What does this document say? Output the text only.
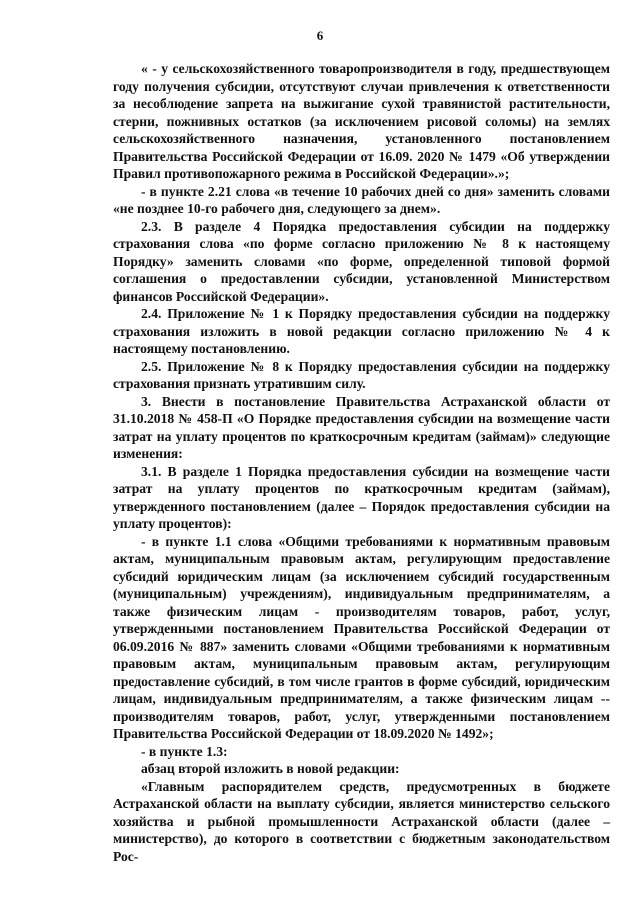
6

« - у сельскохозяйственного товаропроизводителя в году, предшествующем году получения субсидии, отсутствуют случаи привлечения к ответственности за несоблюдение запрета на выжигание сухой травянистой растительности, стерни, пожнивных остатков (за исключением рисовой соломы) на землях сельскохозяйственного назначения, установленного постановлением Правительства Российской Федерации от 16.09. 2020 № 1479 «Об утверждении Правил противопожарного режима в Российской Федерации».»;

- в пункте 2.21 слова «в течение 10 рабочих дней со дня» заменить словами «не позднее 10-го рабочего дня, следующего за днем».

2.3. В разделе 4 Порядка предоставления субсидии на поддержку страхования слова «по форме согласно приложению № 8 к настоящему Порядку» заменить словами «по форме, определенной типовой формой соглашения о предоставлении субсидии, установленной Министерством финансов Российской Федерации».

2.4. Приложение № 1 к Порядку предоставления субсидии на поддержку страхования изложить в новой редакции согласно приложению № 4 к настоящему постановлению.

2.5. Приложение № 8 к Порядку предоставления субсидии на поддержку страхования признать утратившим силу.

3. Внести в постановление Правительства Астраханской области от 31.10.2018 № 458-П «О Порядке предоставления субсидии на возмещение части затрат на уплату процентов по краткосрочным кредитам (займам)» следующие изменения:

3.1. В разделе 1 Порядка предоставления субсидии на возмещение части затрат на уплату процентов по краткосрочным кредитам (займам), утвержденного постановлением (далее – Порядок предоставления субсидии на уплату процентов):

- в пункте 1.1 слова «Общими требованиями к нормативным правовым актам, муниципальным правовым актам, регулирующим предоставление субсидий юридическим лицам (за исключением субсидий государственным (муниципальным) учреждениям), индивидуальным предпринимателям, а также физическим лицам - производителям товаров, работ, услуг, утвержденными постановлением Правительства Российской Федерации от 06.09.2016 № 887» заменить словами «Общими требованиями к нормативным правовым актам, муниципальным правовым актам, регулирующим предоставление субсидий, в том числе грантов в форме субсидий, юридическим лицам, индивидуальным предпринимателям, а также физическим лицам -- производителям товаров, работ, услуг, утвержденными постановлением Правительства Российской Федерации от 18.09.2020 № 1492»;

- в пункте 1.3:

абзац второй изложить в новой редакции:

«Главным распорядителем средств, предусмотренных в бюджете Астраханской области на выплату субсидии, является министерство сельского хозяйства и рыбной промышленности Астраханской области (далее – министерство), до которого в соответствии с бюджетным законодательством Рос-
